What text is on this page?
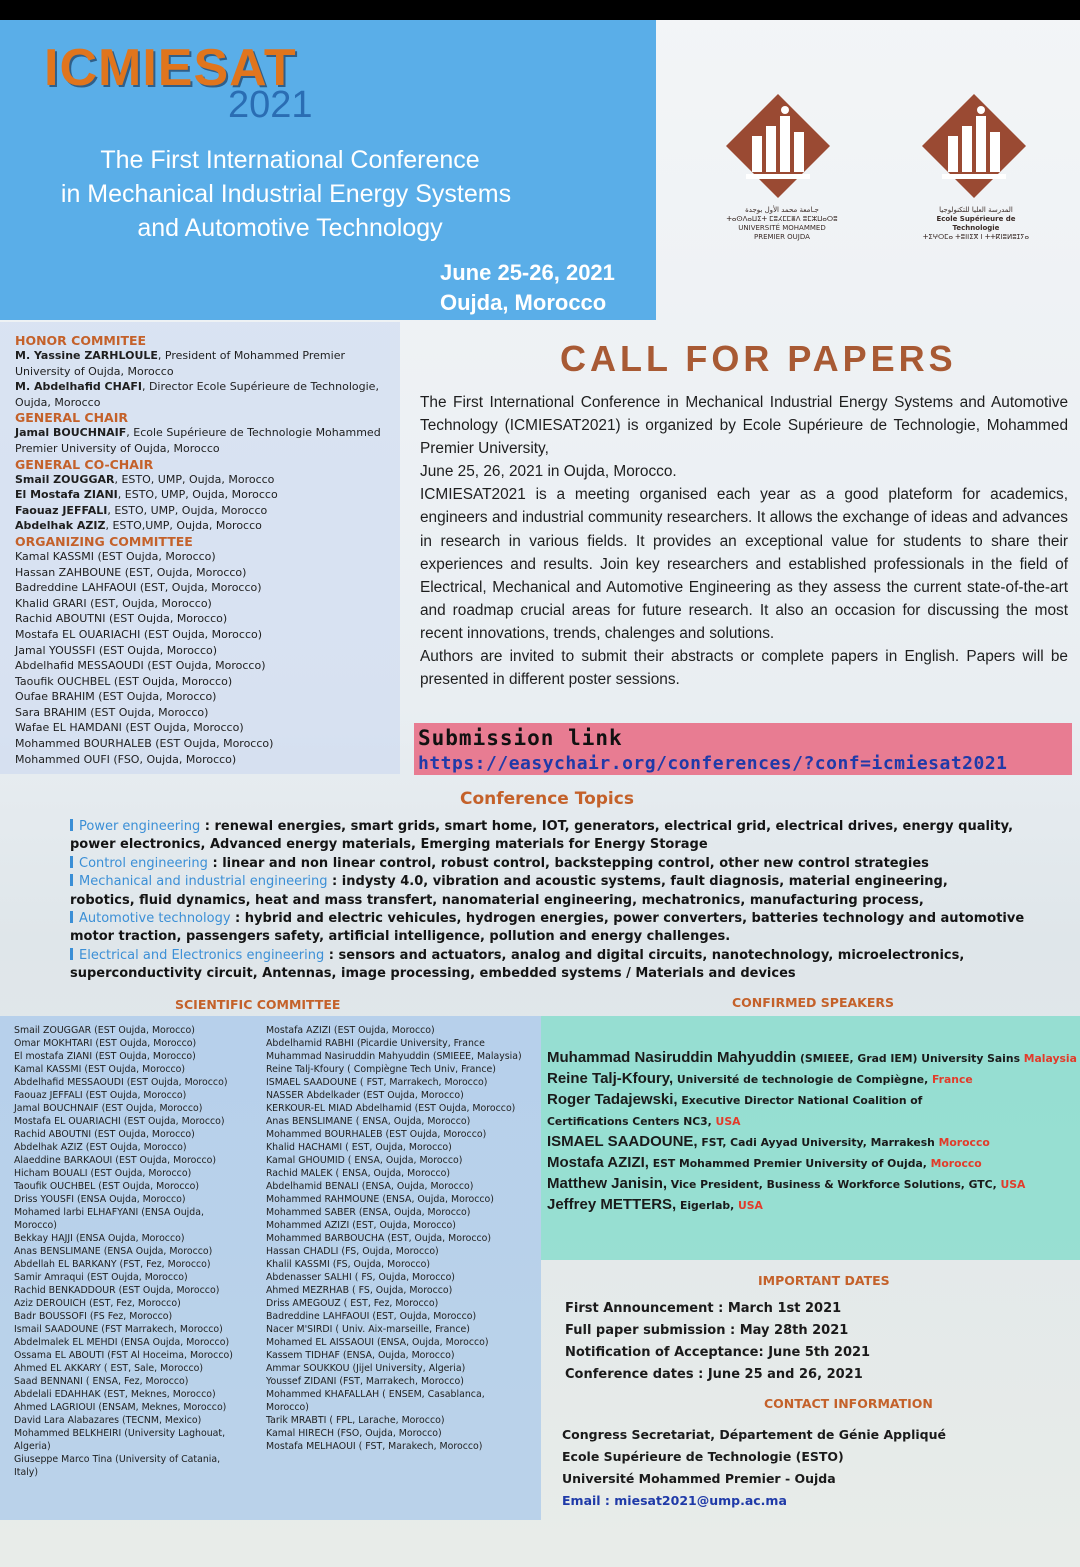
ICMIESAT
2021
The First International Conference
in Mechanical Industrial Energy Systems
and Automotive Technology
June 25-26, 2021
Oujda, Morocco
جـامعة محمد الأول بوجدة
ⵜⴰⵙⴷⴰⵡⵉⵜ ⵎⵓⵃⵎⵎⴻⴷ ⵓⵎⵣⵡⴰⵔⵓ
UNIVERSITÉ MOHAMMED PREMIER OUJDA
المدرسة العليا للتكنولوجيا
Ecole Supérieure de Technologie
ⵜⵉⵖⵔⵎⴰ ⵜⵓⵏⵏⵉⴳ ⵏ ⵜⵜⴽⵏⵓⵍⵓⵊⵢⴰ
HONOR COMMITEE
M. Yassine ZARHLOULE, President of Mohammed Premier University of Oujda, Morocco
M. Abdelhafid CHAFI, Director Ecole Supérieure de Technologie, Oujda, Morocco
GENERAL CHAIR
Jamal BOUCHNAIF, Ecole Supérieure de Technologie Mohammed Premier University of Oujda, Morocco
GENERAL CO-CHAIR
Smail ZOUGGAR, ESTO, UMP, Oujda, Morocco
El Mostafa ZIANI, ESTO, UMP, Oujda, Morocco
Faouaz JEFFALI, ESTO, UMP, Oujda, Morocco
Abdelhak AZIZ, ESTO,UMP, Oujda, Morocco
ORGANIZING COMMITTEE
Kamal KASSMI (EST Oujda, Morocco)
Hassan ZAHBOUNE (EST, Oujda, Morocco)
Badreddine LAHFAOUI (EST, Oujda, Morocco)
Khalid GRARI (EST, Oujda, Morocco)
Rachid ABOUTNI (EST Oujda, Morocco)
Mostafa EL OUARIACHI (EST Oujda, Morocco)
Jamal YOUSSFI (EST Oujda, Morocco)
Abdelhafid MESSAOUDI (EST Oujda, Morocco)
Taoufik OUCHBEL (EST Oujda, Morocco)
Oufae BRAHIM (EST Oujda, Morocco)
Sara BRAHIM (EST Oujda, Morocco)
Wafae EL HAMDANI (EST Oujda, Morocco)
Mohammed BOURHALEB (EST Oujda, Morocco)
Mohammed OUFI (FSO, Oujda, Morocco)
CALL FOR PAPERS

The First International Conference in Mechanical Industrial Energy Systems and Automotive Technology (ICMIESAT2021) is organized by Ecole Supérieure de Technologie, Mohammed Premier University,

June 25, 26, 2021 in Oujda, Morocco.

ICMIESAT2021 is a meeting organised each year as a good plateform for academics, engineers and industrial community researchers. It allows the exchange of ideas and advances in research in various fields. It provides an exceptional value for students to share their experiences and results. Join key researchers and established professionals in the field of Electrical, Mechanical and Automotive Engineering as they assess the current state-of-the-art and roadmap crucial areas for future research. It also an occasion for discussing the most recent innovations, trends, chalenges and solutions.

Authors are invited to submit their abstracts or complete papers in English. Papers will be presented in different poster sessions.

Submission link
https://easychair.org/conferences/?conf=icmiesat2021
Conference Topics
Power engineering : renewal energies, smart grids, smart home, IOT, generators, electrical grid, electrical drives, energy quality,
power electronics, Advanced energy materials, Emerging materials for Energy Storage
Control engineering : linear and non linear control, robust control, backstepping control, other new control strategies
Mechanical and industrial engineering : indysty 4.0, vibration and acoustic systems, fault diagnosis, material engineering,
robotics, fluid dynamics, heat and mass transfert, nanomaterial engineering, mechatronics, manufacturing process,
Automotive technology : hybrid and electric vehicules, hydrogen energies, power converters, batteries technology and automotive
motor traction, passengers safety, artificial intelligence, pollution and energy challenges.
Electrical and Electronics engineering : sensors and actuators, analog and digital circuits, nanotechnology, microelectronics,
superconductivity circuit, Antennas, image processing, embedded systems / Materials and devices
SCIENTIFIC COMMITTEE
Smail ZOUGGAR (EST Oujda, Morocco)
Omar MOKHTARI (EST Oujda, Morocco)
El mostafa ZIANI (EST Oujda, Morocco)
Kamal KASSMI (EST Oujda, Morocco)
Abdelhafid MESSAOUDI (EST Oujda, Morocco)
Faouaz JEFFALI (EST Oujda, Morocco)
Jamal BOUCHNAIF (EST Oujda, Morocco)
Mostafa EL OUARIACHI (EST Oujda, Morocco)
Rachid ABOUTNI (EST Oujda, Morocco)
Abdelhak AZIZ (EST Oujda, Morocco)
Alaeddine BARKAOUI (EST Oujda, Morocco)
Hicham BOUALI (EST Oujda, Morocco)
Taoufik OUCHBEL (EST Oujda, Morocco)
Driss YOUSFI (ENSA Oujda, Morocco)
Mohamed larbi ELHAFYANI (ENSA Oujda,
Morocco)
Bekkay HAJJI (ENSA Oujda, Morocco)
Anas BENSLIMANE (ENSA Oujda, Morocco)
Abdellah EL BARKANY (FST, Fez, Morocco)
Samir Amraqui (EST Oujda, Morocco)
Rachid BENKADDOUR (EST Oujda, Morocco)
Aziz DEROUICH (EST, Fez, Morocco)
Badr BOUSSOFI (FS Fez, Morocco)
Ismail SAADOUNE (FST Marrakech, Morocco)
Abdelmalek EL MEHDI (ENSA Oujda, Morocco)
Ossama EL ABOUTI (FST Al Hoceima, Morocco)
Ahmed EL AKKARY ( EST, Sale, Morocco)
Saad BENNANI ( ENSA, Fez, Morocco)
Abdelali EDAHHAK (EST, Meknes, Morocco)
Ahmed LAGRIOUI (ENSAM, Meknes, Morocco)
David Lara Alabazares (TECNM, Mexico)
Mohammed BELKHEIRI (University Laghouat,
Algeria)
Giuseppe Marco Tina (University of Catania,
Italy)
Mostafa AZIZI (EST Oujda, Morocco)
Abdelhamid RABHI (Picardie University, France
Muhammad Nasiruddin Mahyuddin (SMIEEE, Malaysia)
Reine Talj-Kfoury ( Compiègne Tech Univ, France)
ISMAEL SAADOUNE ( FST, Marrakech, Morocco)
NASSER Abdelkader (EST Oujda, Morocco)
KERKOUR-EL MIAD Abdelhamid (EST Oujda, Morocco)
Anas BENSLIMANE ( ENSA, Oujda, Morocco)
Mohammed BOURHALEB (EST Oujda, Morocco)
Khalid HACHAMI ( EST, Oujda, Morocco)
Kamal GHOUMID ( ENSA, Oujda, Morocco)
Rachid MALEK ( ENSA, Oujda, Morocco)
Abdelhamid BENALI (ENSA, Oujda, Morocco)
Mohammed RAHMOUNE (ENSA, Oujda, Morocco)
Mohammed SABER (ENSA, Oujda, Morocco)
Mohammed AZIZI (EST, Oujda, Morocco)
Mohammed BARBOUCHA (EST, Oujda, Morocco)
Hassan CHADLI (FS, Oujda, Morocco)
Khalil KASSMI (FS, Oujda, Morocco)
Abdenasser SALHI ( FS, Oujda, Morocco)
Ahmed MEZRHAB ( FS, Oujda, Morocco)
Driss AMEGOUZ ( EST, Fez, Morocco)
Badreddine LAHFAOUI (EST, Oujda, Morocco)
Nacer M'SIRDI ( Univ. Aix-marseille, France)
Mohamed EL AISSAOUI (ENSA, Oujda, Morocco)
Kassem TIDHAF (ENSA, Oujda, Morocco)
Ammar SOUKKOU (Jijel University, Algeria)
Youssef ZIDANI (FST, Marrakech, Morocco)
Mohammed KHAFALLAH ( ENSEM, Casablanca,
Morocco)
Tarik MRABTI ( FPL, Larache, Morocco)
Kamal HIRECH (FSO, Oujda, Morocco)
Mostafa MELHAOUI ( FST, Marakech, Morocco)
CONFIRMED SPEAKERS
Muhammad Nasiruddin Mahyuddin (SMIEEE, Grad IEM) University Sains Malaysia
Reine Talj-Kfoury, Université de technologie de Compiègne, France
Roger Tadajewski, Executive Director National Coalition of
Certifications Centers NC3, USA
ISMAEL SAADOUNE, FST, Cadi Ayyad University, Marrakesh Morocco
Mostafa AZIZI, EST Mohammed Premier University of Oujda, Morocco
Matthew Janisin, Vice President, Business & Workforce Solutions, GTC, USA
Jeffrey METTERS, Eigerlab, USA
IMPORTANT DATES
First Announcement : March 1st 2021
Full paper submission : May 28th 2021
Notification of Acceptance: June 5th 2021
Conference dates : June 25 and 26, 2021
CONTACT INFORMATION
Congress Secretariat, Département de Génie Appliqué
Ecole Supérieure de Technologie (ESTO)
Université Mohammed Premier - Oujda
Email : miesat2021@ump.ac.ma
